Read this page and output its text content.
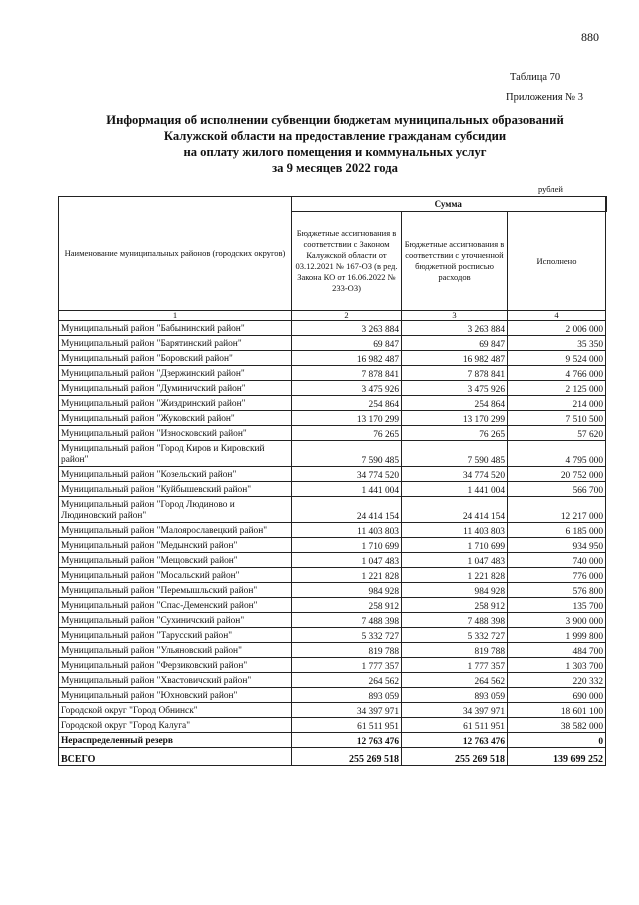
880
Таблица 70
Приложения № 3
Информация об исполнении субвенции бюджетам муниципальных образований
Калужской области на предоставление гражданам субсидии
на оплату жилого помещения и коммунальных услуг
за 9 месяцев 2022 года
рублей
Наименование муниципальных районов (городских округов)	Сумма		
	Бюджетные ассигнования в соответствии с Законом Калужской области от 03.12.2021 № 167-ОЗ (в ред. Закона КО от 16.06.2022 № 233-ОЗ)	Бюджетные ассигнования в соответствии с уточненной бюджетной росписью расходов	Исполнено
1	2	3	4
Муниципальный район "Бабынинский район"	3 263 884	3 263 884	2 006 000
Муниципальный район "Барятинский район"	69 847	69 847	35 350
Муниципальный район "Боровский район"	16 982 487	16 982 487	9 524 000
Муниципальный район "Дзержинский район"	7 878 841	7 878 841	4 766 000
Муниципальный район "Думиничский район"	3 475 926	3 475 926	2 125 000
Муниципальный район "Жиздринский район"	254 864	254 864	214 000
Муниципальный район "Жуковский район"	13 170 299	13 170 299	7 510 500
Муниципальный район "Износковский район"	76 265	76 265	57 620
Муниципальный район "Город Киров и Кировский район"	7 590 485	7 590 485	4 795 000
Муниципальный район "Козельский район"	34 774 520	34 774 520	20 752 000
Муниципальный район "Куйбышевский район"	1 441 004	1 441 004	566 700
Муниципальный район "Город Людиново и Людиновский район"	24 414 154	24 414 154	12 217 000
Муниципальный район "Малоярославецкий район"	11 403 803	11 403 803	6 185 000
Муниципальный район "Медынский район"	1 710 699	1 710 699	934 950
Муниципальный район "Мещовский район"	1 047 483	1 047 483	740 000
Муниципальный район "Мосальский район"	1 221 828	1 221 828	776 000
Муниципальный район "Перемышльский район"	984 928	984 928	576 800
Муниципальный район "Спас-Деменский район"	258 912	258 912	135 700
Муниципальный район "Сухиничский район"	7 488 398	7 488 398	3 900 000
Муниципальный район "Тарусский район"	5 332 727	5 332 727	1 999 800
Муниципальный район "Ульяновский район"	819 788	819 788	484 700
Муниципальный район "Ферзиковский район"	1 777 357	1 777 357	1 303 700
Муниципальный район "Хвастовичский район"	264 562	264 562	220 332
Муниципальный район "Юхновский район"	893 059	893 059	690 000
Городской округ "Город Обнинск"	34 397 971	34 397 971	18 601 100
Городской округ "Город Калуга"	61 511 951	61 511 951	38 582 000
Нераспределенный резерв	12 763 476	12 763 476	0
ВСЕГО	255 269 518	255 269 518	139 699 252
